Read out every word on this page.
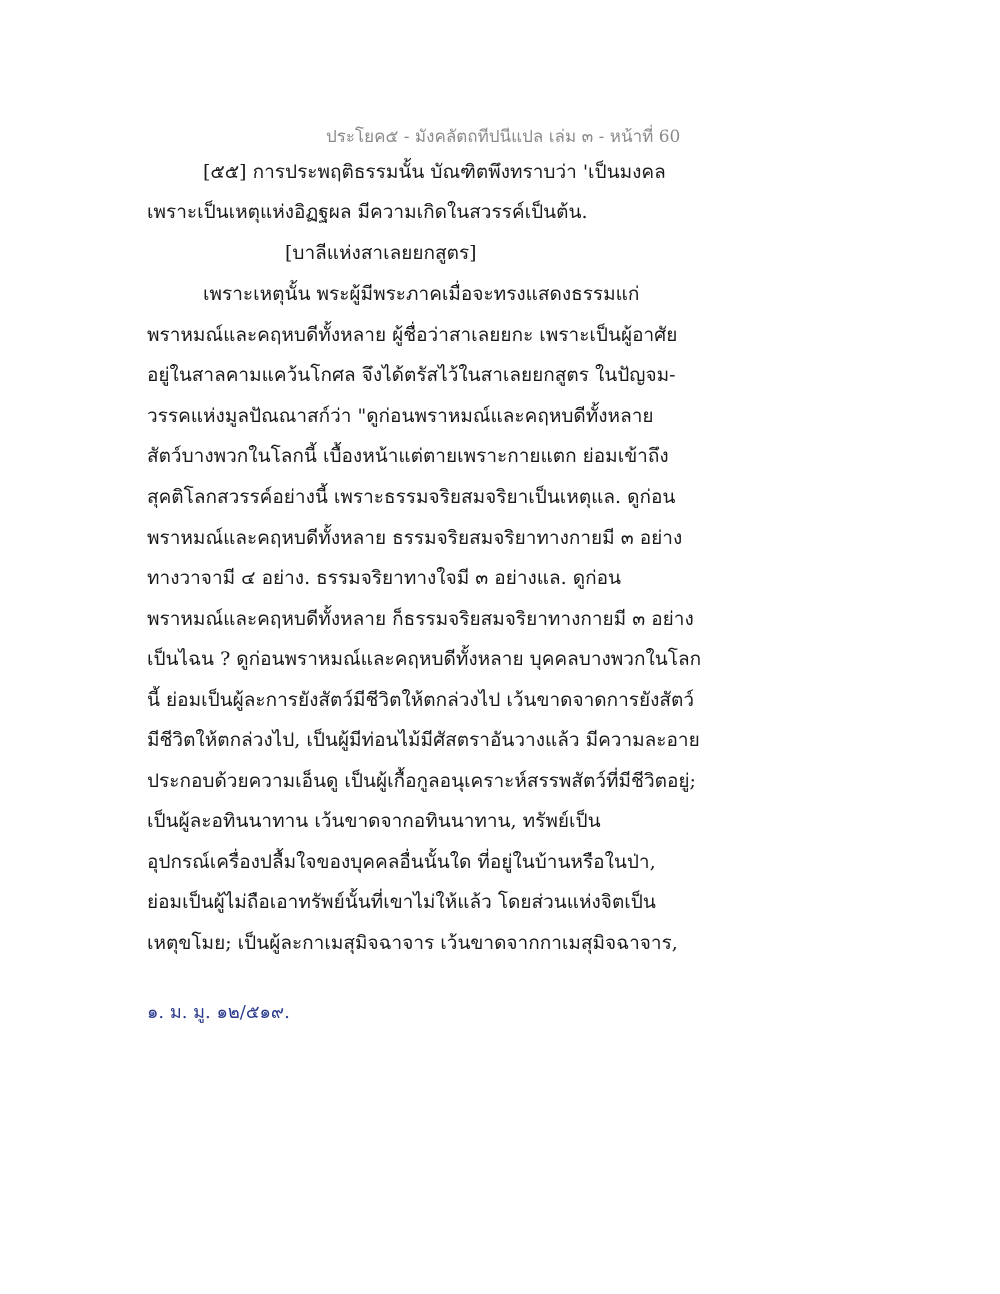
ประโยค๕ - มังคลัตถทีปนีแปล เล่ม ๓ - หน้าที่ 60
[๕๕] การประพฤติธรรมนั้น บัณฑิตพึงทราบว่า 'เป็นมงคล
เพราะเป็นเหตุแห่งอิฏฐผล มีความเกิดในสวรรค์เป็นต้น.
[บาลีแห่งสาเลยยกสูตร]
เพราะเหตุนั้น พระผู้มีพระภาคเมื่อจะทรงแสดงธรรมแก่
พราหมณ์และคฤหบดีทั้งหลาย ผู้ชื่อว่าสาเลยยกะ เพราะเป็นผู้อาศัย
อยู่ในสาลคามแคว้นโกศล จึงได้ตรัสไว้ในสาเลยยกสูตร ในปัญจม-
วรรคแห่งมูลปัณณาสก์ว่า "ดูก่อนพราหมณ์และคฤหบดีทั้งหลาย
สัตว์บางพวกในโลกนี้ เบื้องหน้าแต่ตายเพราะกายแตก ย่อมเข้าถึง
สุคติโลกสวรรค์อย่างนี้ เพราะธรรมจริยสมจริยาเป็นเหตุแล. ดูก่อน
พราหมณ์และคฤหบดีทั้งหลาย ธรรมจริยสมจริยาทางกายมี ๓ อย่าง
ทางวาจามี ๔ อย่าง. ธรรมจริยาทางใจมี ๓ อย่างแล. ดูก่อน
พราหมณ์และคฤหบดีทั้งหลาย ก็ธรรมจริยสมจริยาทางกายมี ๓ อย่าง
เป็นไฉน ? ดูก่อนพราหมณ์และคฤหบดีทั้งหลาย บุคคลบางพวกในโลก
นี้ ย่อมเป็นผู้ละการยังสัตว์มีชีวิตให้ตกล่วงไป เว้นขาดจาดการยังสัตว์
มีชีวิตให้ตกล่วงไป, เป็นผู้มีท่อนไม้มีศัสตราอันวางแล้ว มีความละอาย
ประกอบด้วยความเอ็นดู เป็นผู้เกื้อกูลอนุเคราะห์สรรพสัตว์ที่มีชีวิตอยู่;
เป็นผู้ละอทินนาทาน เว้นขาดจากอทินนาทาน, ทรัพย์เป็น
อุปกรณ์เครื่องปลื้มใจของบุคคลอื่นนั้นใด ที่อยู่ในบ้านหรือในป่า,
ย่อมเป็นผู้ไม่ถือเอาทรัพย์นั้นที่เขาไม่ให้แล้ว โดยส่วนแห่งจิตเป็น
เหตุขโมย; เป็นผู้ละกาเมสุมิจฉาจาร เว้นขาดจากกาเมสุมิจฉาจาร,
๑. ม. มู. ๑๒/๕๑๙.
